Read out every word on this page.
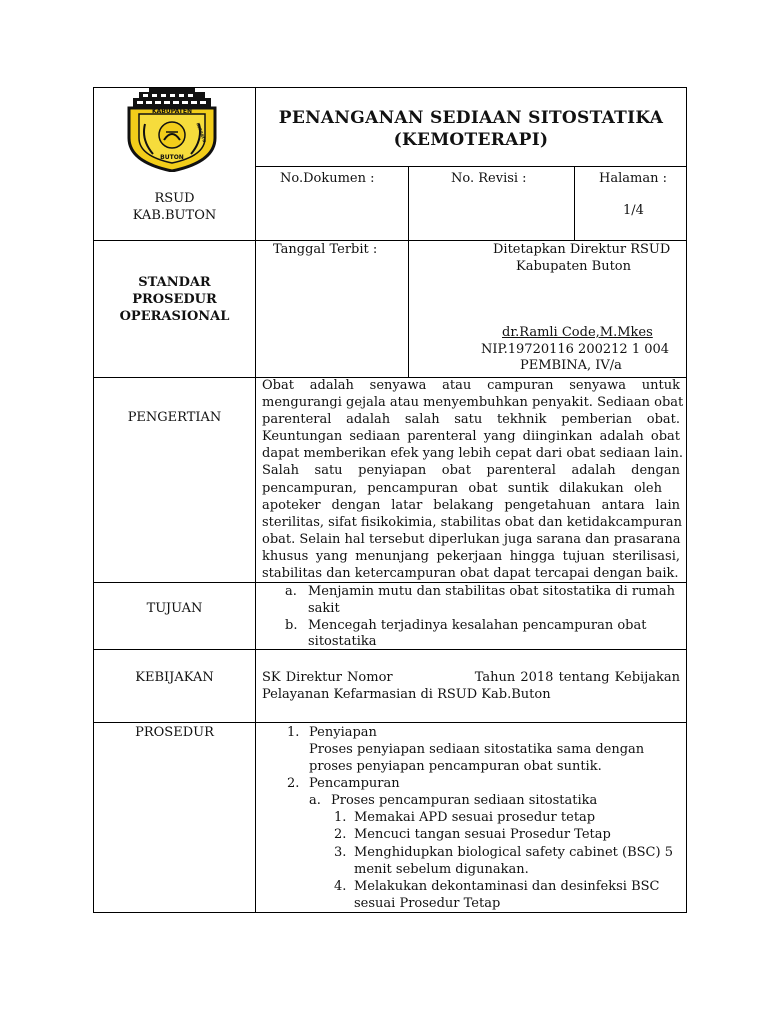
KABUPATEN
BERSATU
BUTON
RSUD
KAB.BUTON
PENANGANAN SEDIAAN SITOSTATIKA
(KEMOTERAPI)
No.Dokumen :	No. Revisi :	Halaman :
1/4
STANDAR
PROSEDUR
OPERASIONAL
Tanggal Terbit :	Ditetapkan Direktur RSUD
Kabupaten Buton
dr.Ramli Code,M.Mkes
NIP.19720116 200212 1 004
PEMBINA, IV/a
PENGERTIAN
Obat adalah senyawa atau campuran senyawa untuk
mengurangi gejala atau menyembuhkan penyakit. Sediaan obat
parenteral adalah salah satu tekhnik pemberian obat.
Keuntungan sediaan parenteral yang diinginkan adalah obat
dapat memberikan efek yang lebih cepat dari obat sediaan lain.
Salah satu penyiapan obat parenteral adalah dengan
pencampuran, pencampuran obat suntik dilakukan oleh
apoteker dengan latar belakang pengetahuan antara lain
sterilitas, sifat fisikokimia, stabilitas obat dan ketidakcampuran
obat. Selain hal tersebut diperlukan juga sarana dan prasarana
khusus yang menunjang pekerjaan hingga tujuan sterilisasi,
stabilitas dan ketercampuran obat dapat tercapai dengan baik.
TUJUAN
a. Menjamin mutu dan stabilitas obat sitostatika di rumah
sakit
b. Mencegah terjadinya kesalahan pencampuran obat
sitostatika
KEBIJAKAN	SK Direktur Nomor                Tahun 2018 tentang Kebijakan
Pelayanan Kefarmasian di RSUD Kab.Buton
PROSEDUR	1. Penyiapan
Proses penyiapan sediaan sitostatika sama dengan
proses penyiapan pencampuran obat suntik.
2. Pencampuran
a. Proses pencampuran sediaan sitostatika
1. Memakai APD sesuai prosedur tetap
2. Mencuci tangan sesuai Prosedur Tetap
3. Menghidupkan biological safety cabinet (BSC) 5
menit sebelum digunakan.
4. Melakukan dekontaminasi dan desinfeksi BSC
sesuai Prosedur Tetap
